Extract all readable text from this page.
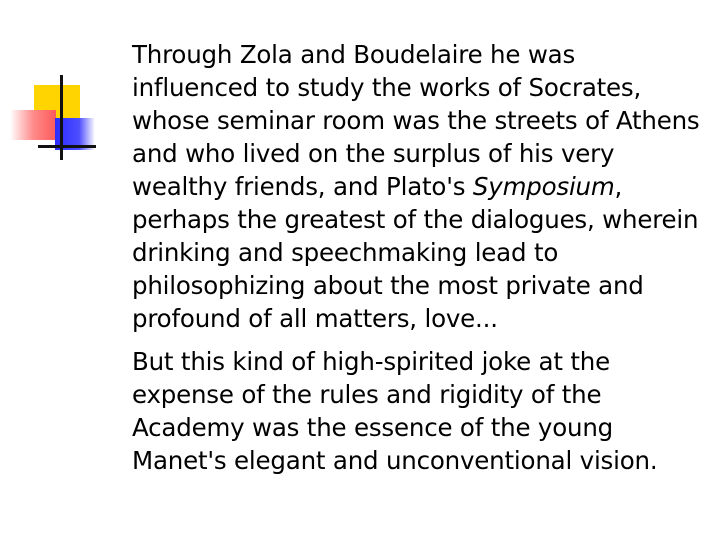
Through Zola and Boudelaire he was influenced to study the works of Socrates, whose seminar room was the streets of Athens and who lived on the surplus of his very wealthy friends, and Plato's Symposium, perhaps the greatest of the dialogues, wherein drinking and speechmaking lead to philosophizing about the most private and profound of all matters, love...

But this kind of high-spirited joke at the expense of the rules and rigidity of the Academy was the essence of the young Manet's elegant and unconventional vision.
